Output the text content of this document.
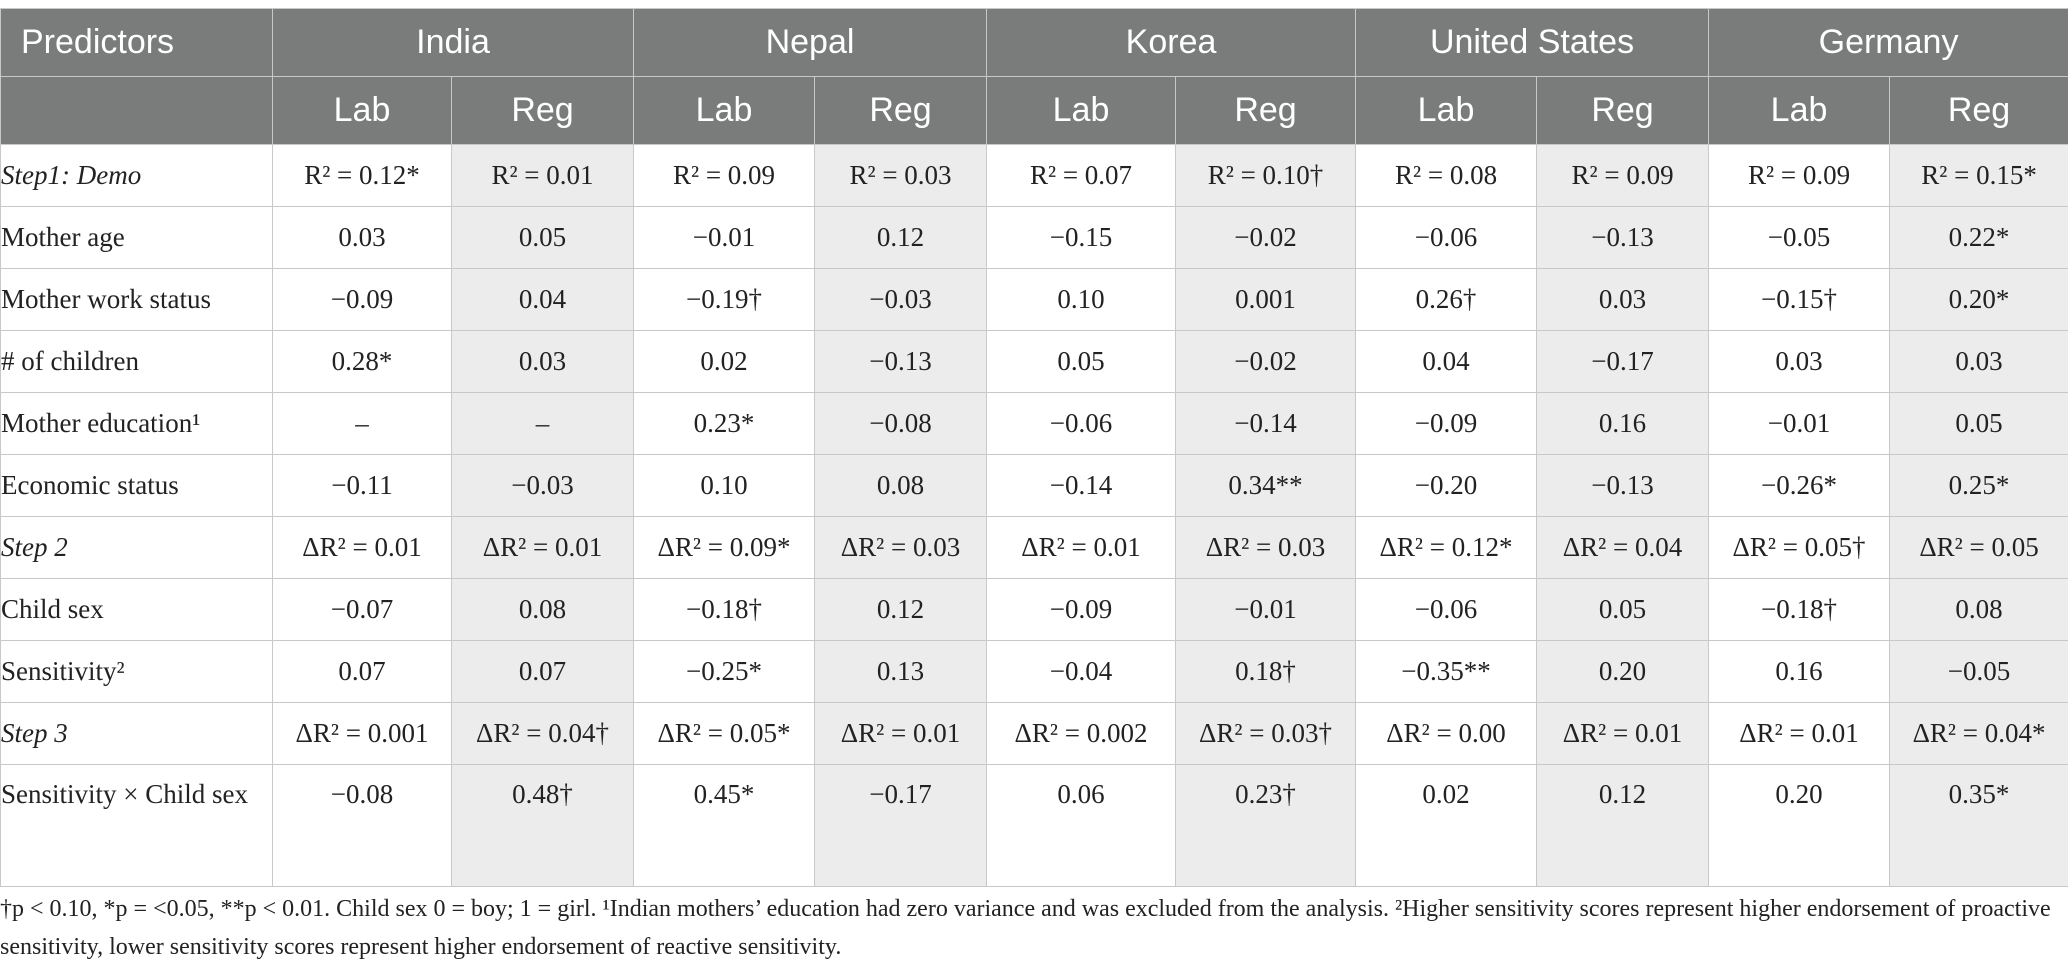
Predictors	India		Nepal		Korea		United States		Germany	
	Lab	Reg	Lab	Reg	Lab	Reg	Lab	Reg	Lab	Reg
Step1: Demo	R² = 0.12*	R² = 0.01	R² = 0.09	R² = 0.03	R² = 0.07	R² = 0.10†	R² = 0.08	R² = 0.09	R² = 0.09	R² = 0.15*
Mother age	0.03	0.05	−0.01	0.12	−0.15	−0.02	−0.06	−0.13	−0.05	0.22*
Mother work status	−0.09	0.04	−0.19†	−0.03	0.10	0.001	0.26†	0.03	−0.15†	0.20*
# of children	0.28*	0.03	0.02	−0.13	0.05	−0.02	0.04	−0.17	0.03	0.03
Mother education¹	–	–	0.23*	−0.08	−0.06	−0.14	−0.09	0.16	−0.01	0.05
Economic status	−0.11	−0.03	0.10	0.08	−0.14	0.34**	−0.20	−0.13	−0.26*	0.25*
Step 2	ΔR² = 0.01	ΔR² = 0.01	ΔR² = 0.09*	ΔR² = 0.03	ΔR² = 0.01	ΔR² = 0.03	ΔR² = 0.12*	ΔR² = 0.04	ΔR² = 0.05†	ΔR² = 0.05
Child sex	−0.07	0.08	−0.18†	0.12	−0.09	−0.01	−0.06	0.05	−0.18†	0.08
Sensitivity²	0.07	0.07	−0.25*	0.13	−0.04	0.18†	−0.35**	0.20	0.16	−0.05
Step 3	ΔR² = 0.001	ΔR² = 0.04†	ΔR² = 0.05*	ΔR² = 0.01	ΔR² = 0.002	ΔR² = 0.03†	ΔR² = 0.00	ΔR² = 0.01	ΔR² = 0.01	ΔR² = 0.04*
Sensitivity × Child sex	−0.08	0.48†	0.45*	−0.17	0.06	0.23†	0.02	0.12	0.20	0.35*
†p < 0.10, *p = <0.05, **p < 0.01. Child sex 0 = boy; 1 = girl. ¹Indian mothers’ education had zero variance and was excluded from the analysis. ²Higher sensitivity scores represent higher endorsement of proactive sensitivity, lower sensitivity scores represent higher endorsement of reactive sensitivity.
